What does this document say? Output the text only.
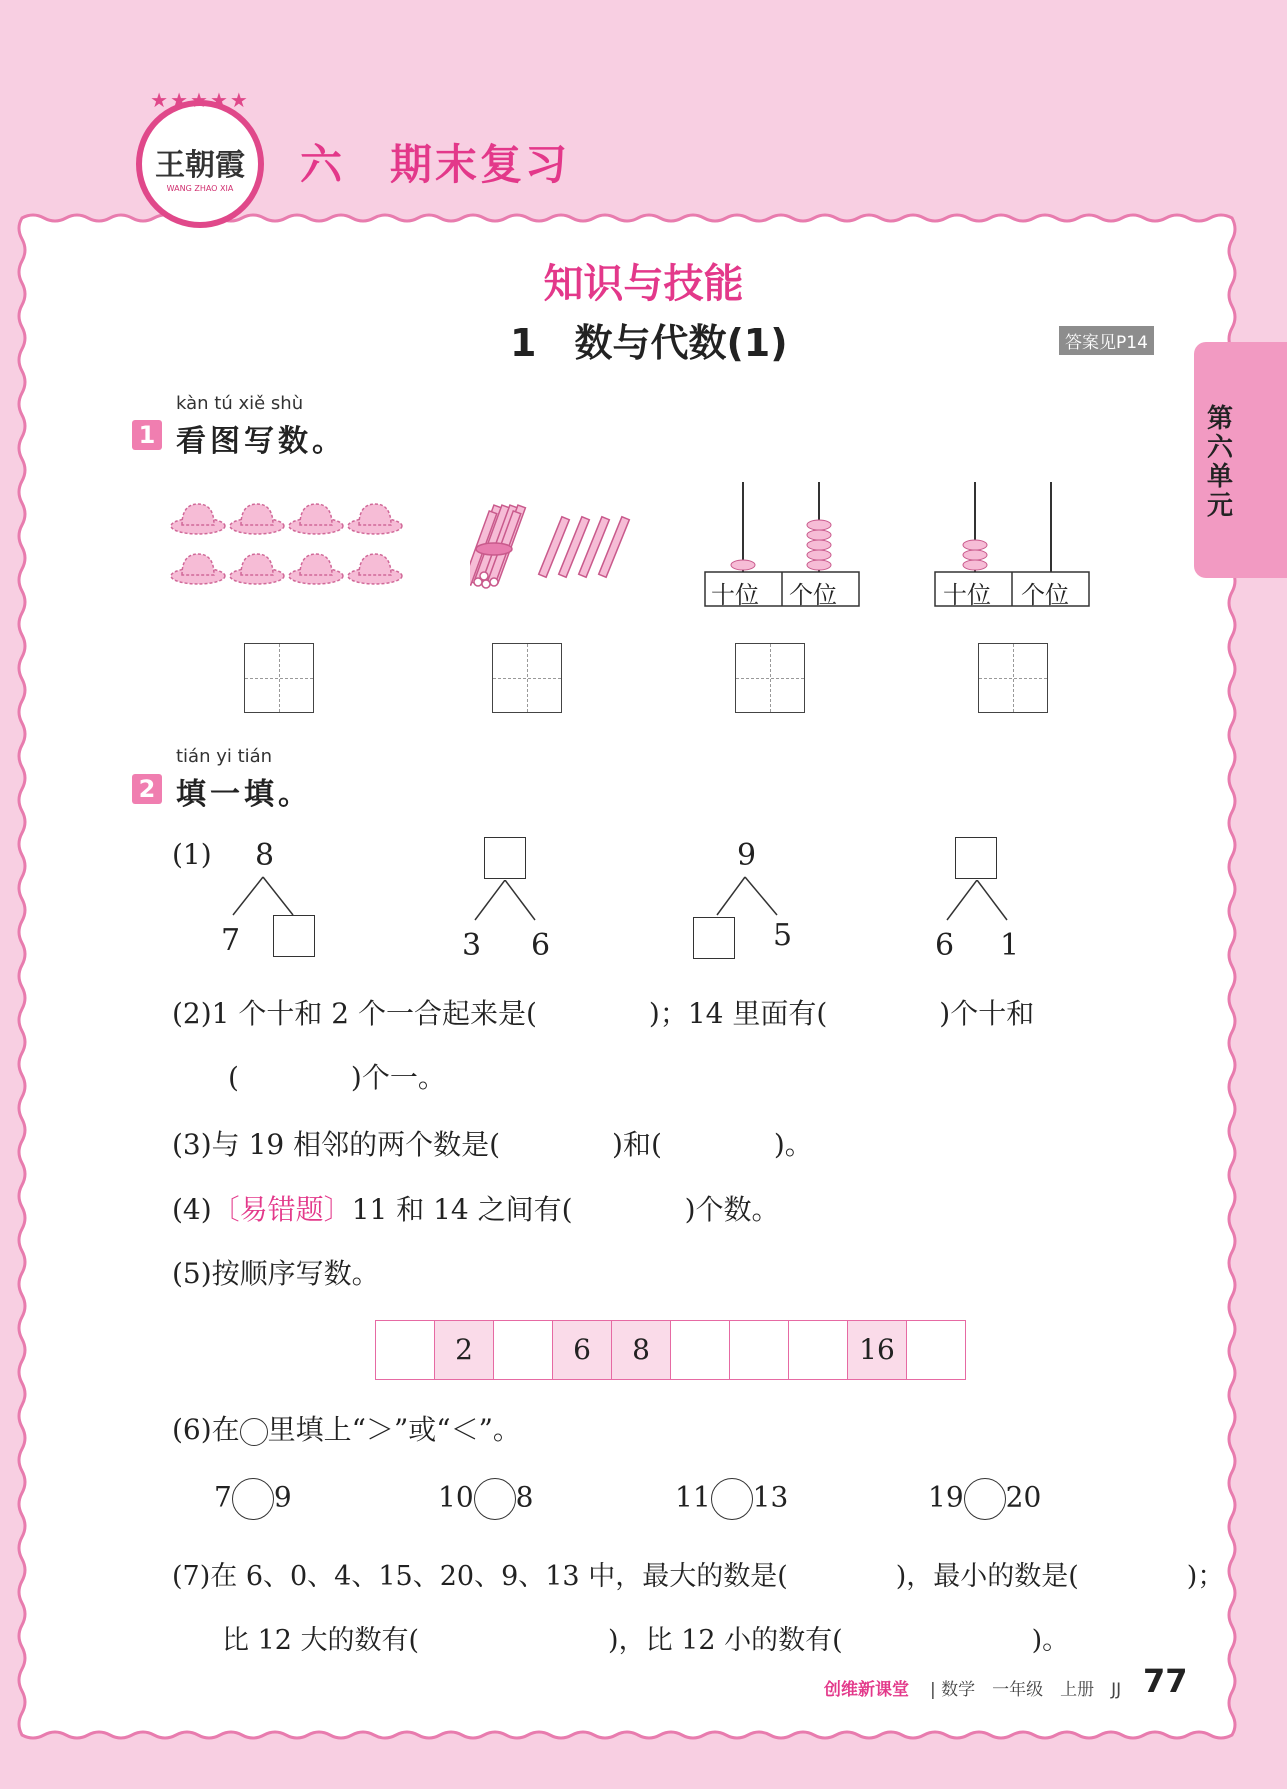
王朝霞
WANG ZHAO XIA
★★★★★
六　期末复习
第六单元
知识与技能
1　数与代数(1)	答案见P14
kàn tú xiě shù
1 看图写数。
十位 个位	十位 个位
tián yi tián
2 填一填。
(1) 8
7	3 6
9
5	6 1
(2)1 个十和 2 个一合起来是(　　　　)；14 里面有(　　　　)个十和
(　　　　)个一。
(3)与 19 相邻的两个数是(　　　　)和(　　　　)。
(4)〔易错题〕11 和 14 之间有(　　　　)个数。
(5)按顺序写数。
2	6	8	16
(6)在 里填上“＞”或“＜”。
7 9	10 8	11 13	19 20
(7)在 6、0、4、15、20、9、13 中，最大的数是(　　　　)，最小的数是(　　　　)；
比 12 大的数有(　　　　　　　)，比 12 小的数有(　　　　　　　)。
创维新课堂 | 数学　一年级　上册　JJ 77
